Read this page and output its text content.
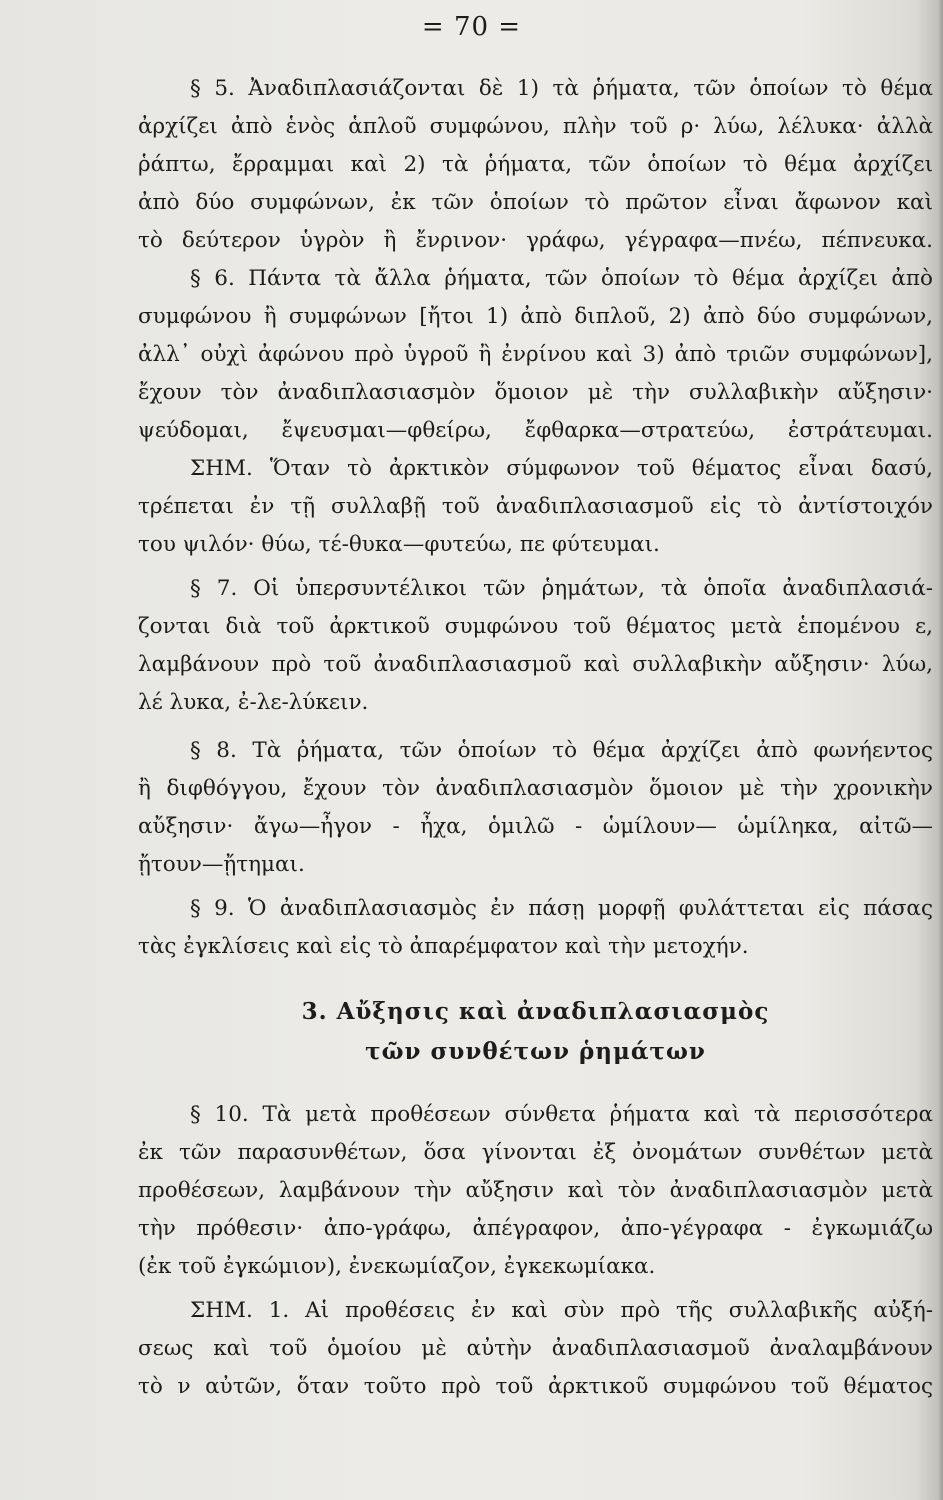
= 70 =
§ 5. Ἀναδιπλασιάζονται δὲ 1) τὰ ῥήματα, τῶν ὁποίων τὸ θέμα
ἀρχίζει ἀπὸ ἑνὸς ἁπλοῦ συμφώνου, πλὴν τοῦ ρ· λύω, λέλυκα· ἀλλὰ
ῥάπτω, ἔρραμμαι καὶ 2) τὰ ῥήματα, τῶν ὁποίων τὸ θέμα ἀρχίζει
ἀπὸ δύο συμφώνων, ἐκ τῶν ὁποίων τὸ πρῶτον εἶναι ἄφωνον καὶ
τὸ δεύτερον ὑγρὸν ἢ ἔνρινον· γράφω, γέγραφα—πνέω, πέπνευκα.
§ 6. Πάντα τὰ ἄλλα ῥήματα, τῶν ὁποίων τὸ θέμα ἀρχίζει ἀπὸ
συμφώνου ἢ συμφώνων [ἤτοι 1) ἀπὸ διπλοῦ, 2) ἀπὸ δύο συμφώνων,
ἀλλ᾽ οὐχὶ ἀφώνου πρὸ ὑγροῦ ἢ ἐνρίνου καὶ 3) ἀπὸ τριῶν συμφώνων],
ἔχουν τὸν ἀναδιπλασιασμὸν ὅμοιον μὲ τὴν συλλαβικὴν αὔξησιν·
ψεύδομαι, ἔψευσμαι—φθείρω, ἔφθαρκα—στρατεύω, ἐστράτευμαι.
ΣΗΜ. Ὅταν τὸ ἀρκτικὸν σύμφωνον τοῦ θέματος εἶναι δασύ,
τρέπεται ἐν τῇ συλλαβῇ τοῦ ἀναδιπλασιασμοῦ εἰς τὸ ἀντίστοιχόν
του ψιλόν· θύω, τέ-θυκα—φυτεύω, πε φύτευμαι.
§ 7. Οἱ ὑπερσυντέλικοι τῶν ῥημάτων, τὰ ὁποῖα ἀναδιπλασιά-
ζονται διὰ τοῦ ἀρκτικοῦ συμφώνου τοῦ θέματος μετὰ ἑπομένου ε,
λαμβάνουν πρὸ τοῦ ἀναδιπλασιασμοῦ καὶ συλλαβικὴν αὔξησιν· λύω,
λέ λυκα, ἐ-λε-λύκειν.
§ 8. Τὰ ῥήματα, τῶν ὁποίων τὸ θέμα ἀρχίζει ἀπὸ φωνήεντος
ἢ διφθόγγου, ἔχουν τὸν ἀναδιπλασιασμὸν ὅμοιον μὲ τὴν χρονικὴν
αὔξησιν· ἄγω—ἦγον - ἦχα, ὁμιλῶ - ὡμίλουν— ὡμίληκα, αἰτῶ—
ᾔτουν—ᾔτημαι.
§ 9. Ὁ ἀναδιπλασιασμὸς ἐν πάσῃ μορφῇ φυλάττεται εἰς πάσας
τὰς ἐγκλίσεις καὶ εἰς τὸ ἀπαρέμφατον καὶ τὴν μετοχήν.
3. Αὔξησις καὶ ἀναδιπλασιασμὸς
τῶν συνθέτων ῥημάτων
§ 10. Τὰ μετὰ προθέσεων σύνθετα ῥήματα καὶ τὰ περισσότερα
ἐκ τῶν παρασυνθέτων, ὅσα γίνονται ἐξ ὀνομάτων συνθέτων μετὰ
προθέσεων, λαμβάνουν τὴν αὔξησιν καὶ τὸν ἀναδιπλασιασμὸν μετὰ
τὴν πρόθεσιν· ἀπο-γράφω, ἀπέγραφον, ἀπο-γέγραφα - ἐγκωμιάζω
(ἐκ τοῦ ἐγκώμιον), ἐνεκωμίαζον, ἐγκεκωμίακα.
ΣΗΜ. 1. Αἱ προθέσεις ἐν καὶ σὺν πρὸ τῆς συλλαβικῆς αὐξή-
σεως καὶ τοῦ ὁμοίου μὲ αὐτὴν ἀναδιπλασιασμοῦ ἀναλαμβάνουν
τὸ ν αὐτῶν, ὅταν τοῦτο πρὸ τοῦ ἀρκτικοῦ συμφώνου τοῦ θέματος
